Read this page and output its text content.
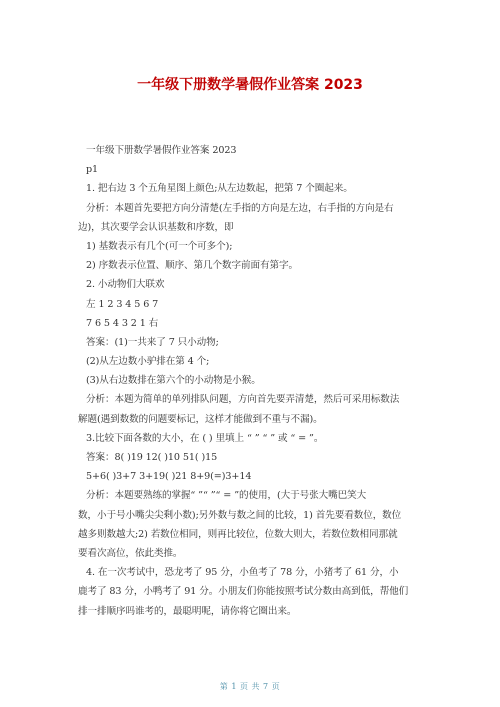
一年级下册数学暑假作业答案 2023
一年级下册数学暑假作业答案 2023
p1
1. 把右边 3 个五角星图上颜色;从左边数起，把第 7 个圈起来。
分析：本题首先要把方向分清楚(左手指的方向是左边，右手指的方向是右
边)，其次要学会认识基数和序数，即
1) 基数表示有几个(可一个可多个);
2) 序数表示位置、顺序、第几个数字前面有第字。
2. 小动物们大联欢
左 1 2 3 4 5 6 7
7 6 5 4 3 2 1 右
答案：(1)一共来了 7 只小动物;
(2)从左边数小驴排在第 4 个;
(3)从右边数排在第六个的小动物是小猴。
分析：本题为简单的单列排队问题，方向首先要弄清楚，然后可采用标数法
解题(遇到数数的问题要标记，这样才能做到不重与不漏)。
3.比较下面各数的大小，在 ( ) 里填上 “ ” “ ” 或 “ = ”。
答案：8( )19 12( )10 51( )15
5+6( )3+7 3+19( )21 8+9(=)3+14
分析：本题要熟练的掌握“ ”“ ”“ = ”的使用，(大于号张大嘴巴笑大
数，小于号小嘴尖尖剩小数);另外数与数之间的比较，1) 首先要看数位，数位
越多则数越大;2) 若数位相同，则再比较位，位数大则大，若数位数相同那就
要看次高位，依此类推。
4. 在一次考试中，恐龙考了 95 分，小鱼考了 78 分，小猪考了 61 分，小
鹿考了 83 分，小鸭考了 91 分。小朋友们你能按照考试分数由高到低，帮他们
排一排顺序吗谁考的，最聪明呢，请你将它圈出来。
第 1 页 共 7 页
